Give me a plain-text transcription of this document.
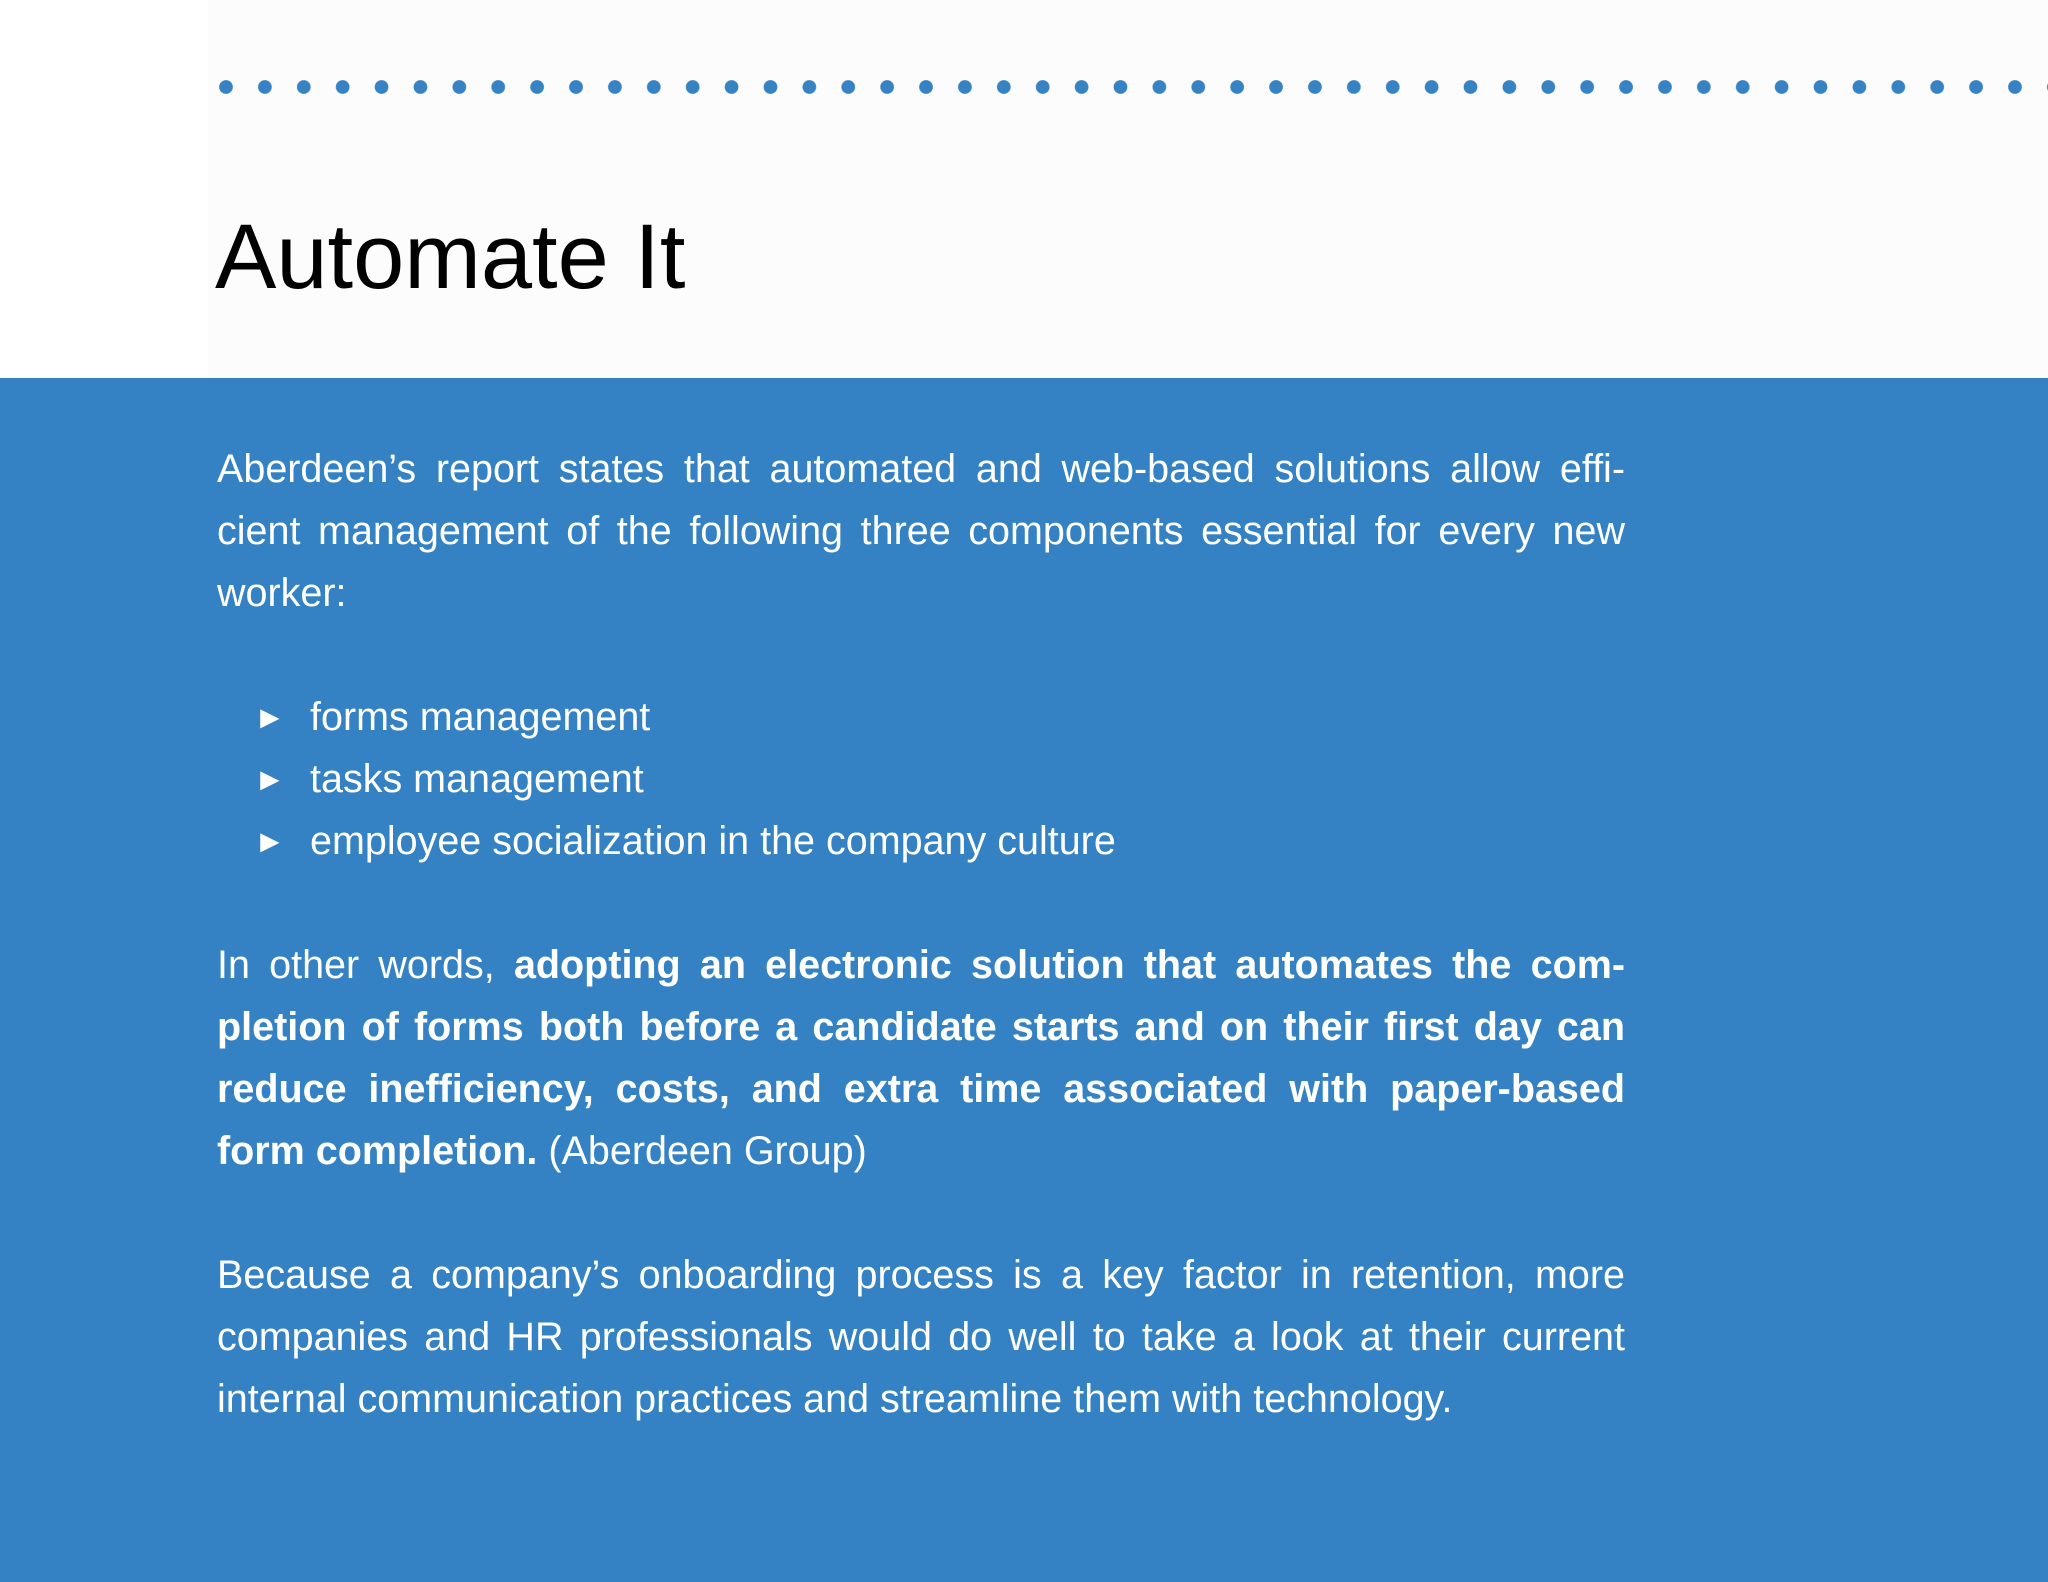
Automate It

Aberdeen’s report states that automated and web-based solutions allow effi-cient management of the following three components essential for every new worker:

► forms management
► tasks management
► employee socialization in the company culture

In other words, adopting an electronic solution that automates the com-pletion of forms both before a candidate starts and on their first day can reduce inefficiency, costs, and extra time associated with paper-based form completion. (Aberdeen Group)

Because a company’s onboarding process is a key factor in retention, more companies and HR professionals would do well to take a look at their current internal communication practices and streamline them with technology.
